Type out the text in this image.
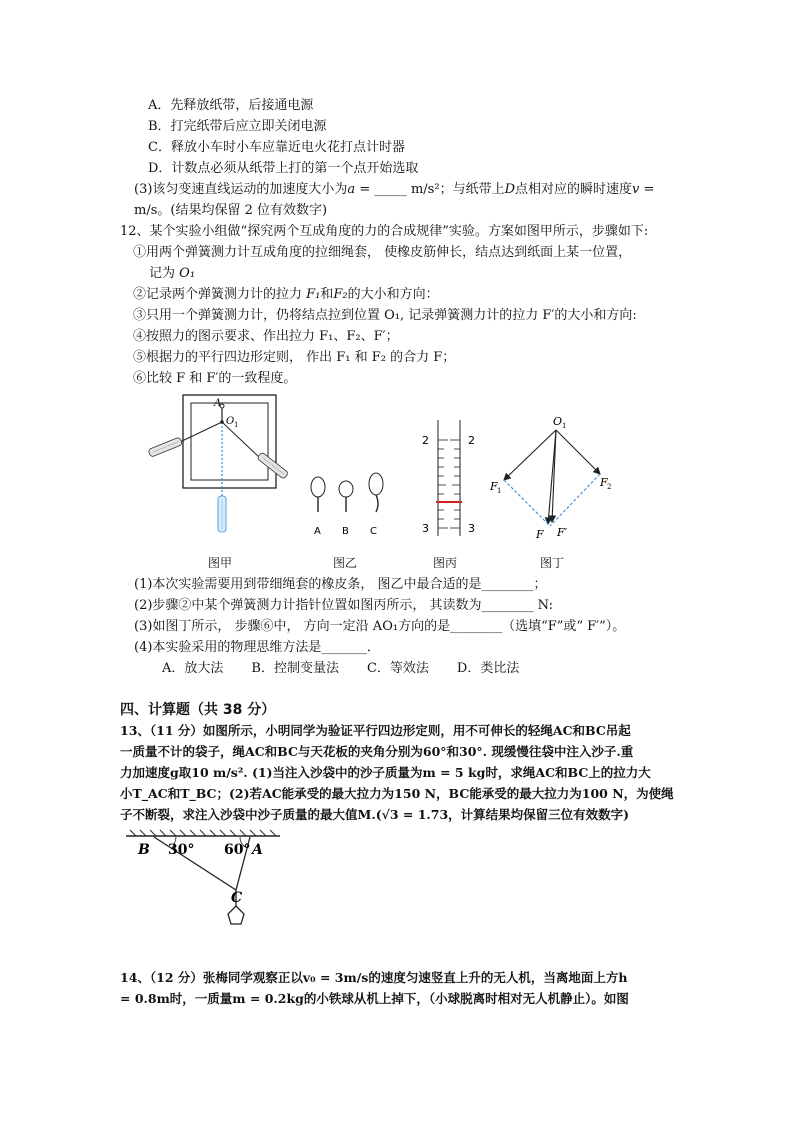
A．先释放纸带，后接通电源
B．打完纸带后应立即关闭电源
C．释放小车时小车应靠近电火花打点计时器
D．计数点必须从纸带上打的第一个点开始选取
(3)该匀变速直线运动的加速度大小为a = _____ m/s²；与纸带上D点相对应的瞬时速度v =
m/s。(结果均保留 2 位有效数字)
12、某个实验小组做“探究两个互成角度的力的合成规律”实验。方案如图甲所示，步骤如下:
①用两个弹簧测力计互成角度的拉细绳套， 使橡皮筋伸长，结点达到纸面上某一位置，
记为 O₁
②记录两个弹簧测力计的拉力 F₁和F₂的大小和方向：
③只用一个弹簧测力计，仍将结点拉到位置 O₁, 记录弹簧测力计的拉力 F′的大小和方向:
④按照力的图示要求、作出拉力 F₁、F₂、F′；
⑤根据力的平行四边形定则， 作出 F₁ 和 F₂ 的合力 F；
⑥比较 F 和 F′的一致程度。
A
O 1
图甲
A B C
图乙
2	2
3	3
图丙
O 1
F 1
F 2
F F′
图丁
(1)本次实验需要用到带细绳套的橡皮条， 图乙中最合适的是________；
(2)步骤②中某个弹簧测力计指针位置如图丙所示， 其读数为________ N:
(3)如图丁所示， 步骤⑥中， 方向一定沿 AO₁方向的是________（选填“F”或“ F′”）。
(4)本实验采用的物理思维方法是_______．
A．放大法 B．控制变量法 C．等效法 D．类比法
四、计算题（共 38 分）
13、（11 分）如图所示，小明同学为验证平行四边形定则，用不可伸长的轻绳AC和BC吊起
一质量不计的袋子，绳AC和BC与天花板的夹角分别为60°和30°. 现缓慢往袋中注入沙子.重
力加速度g取10 m/s². (1)当注入沙袋中的沙子质量为m = 5 kg时，求绳AC和BC上的拉力大
小T_AC和T_BC；(2)若AC能承受的最大拉力为150 N，BC能承受的最大拉力为100 N，为使绳
子不断裂，求注入沙袋中沙子质量的最大值M.(√3 = 1.73，计算结果均保留三位有效数字)
B 30° 60° A
C
14、（12 分）张梅同学观察正以v₀ = 3m/s的速度匀速竖直上升的无人机，当离地面上方h
= 0.8m时，一质量m = 0.2kg的小铁球从机上掉下，（小球脱离时相对无人机静止）。如图
